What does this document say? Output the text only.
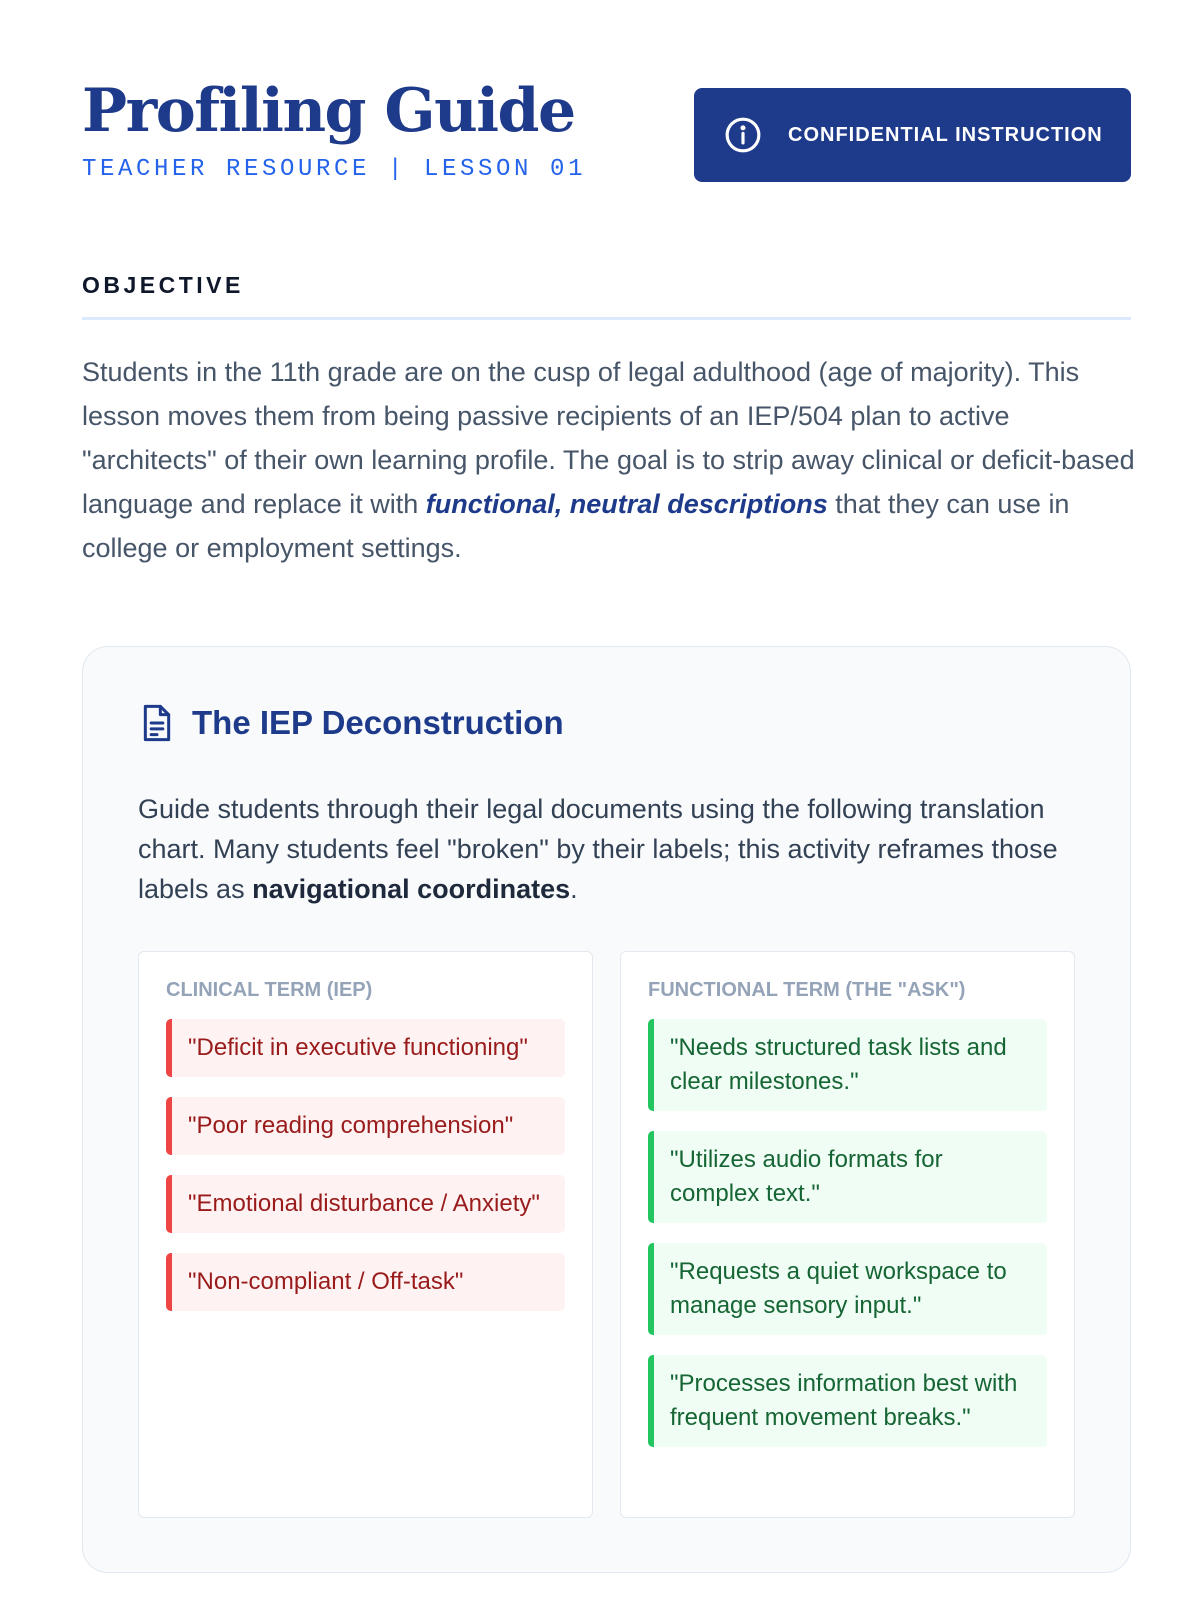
Profiling Guide
TEACHER RESOURCE | LESSON 01
CONFIDENTIAL INSTRUCTION
OBJECTIVE

Students in the 11th grade are on the cusp of legal adulthood (age of majority). This lesson moves them from being passive recipients of an IEP/504 plan to active "architects" of their own learning profile. The goal is to strip away clinical or deficit-based language and replace it with functional, neutral descriptions that they can use in college or employment settings.

The IEP Deconstruction

Guide students through their legal documents using the following translation chart. Many students feel "broken" by their labels; this activity reframes those labels as navigational coordinates.

CLINICAL TERM (IEP)
"Deficit in executive functioning"
"Poor reading comprehension"
"Emotional disturbance / Anxiety"
"Non-compliant / Off-task"
FUNCTIONAL TERM (THE "ASK")
"Needs structured task lists and clear milestones."
"Utilizes audio formats for complex text."
"Requests a quiet workspace to manage sensory input."
"Processes information best with frequent movement breaks."
